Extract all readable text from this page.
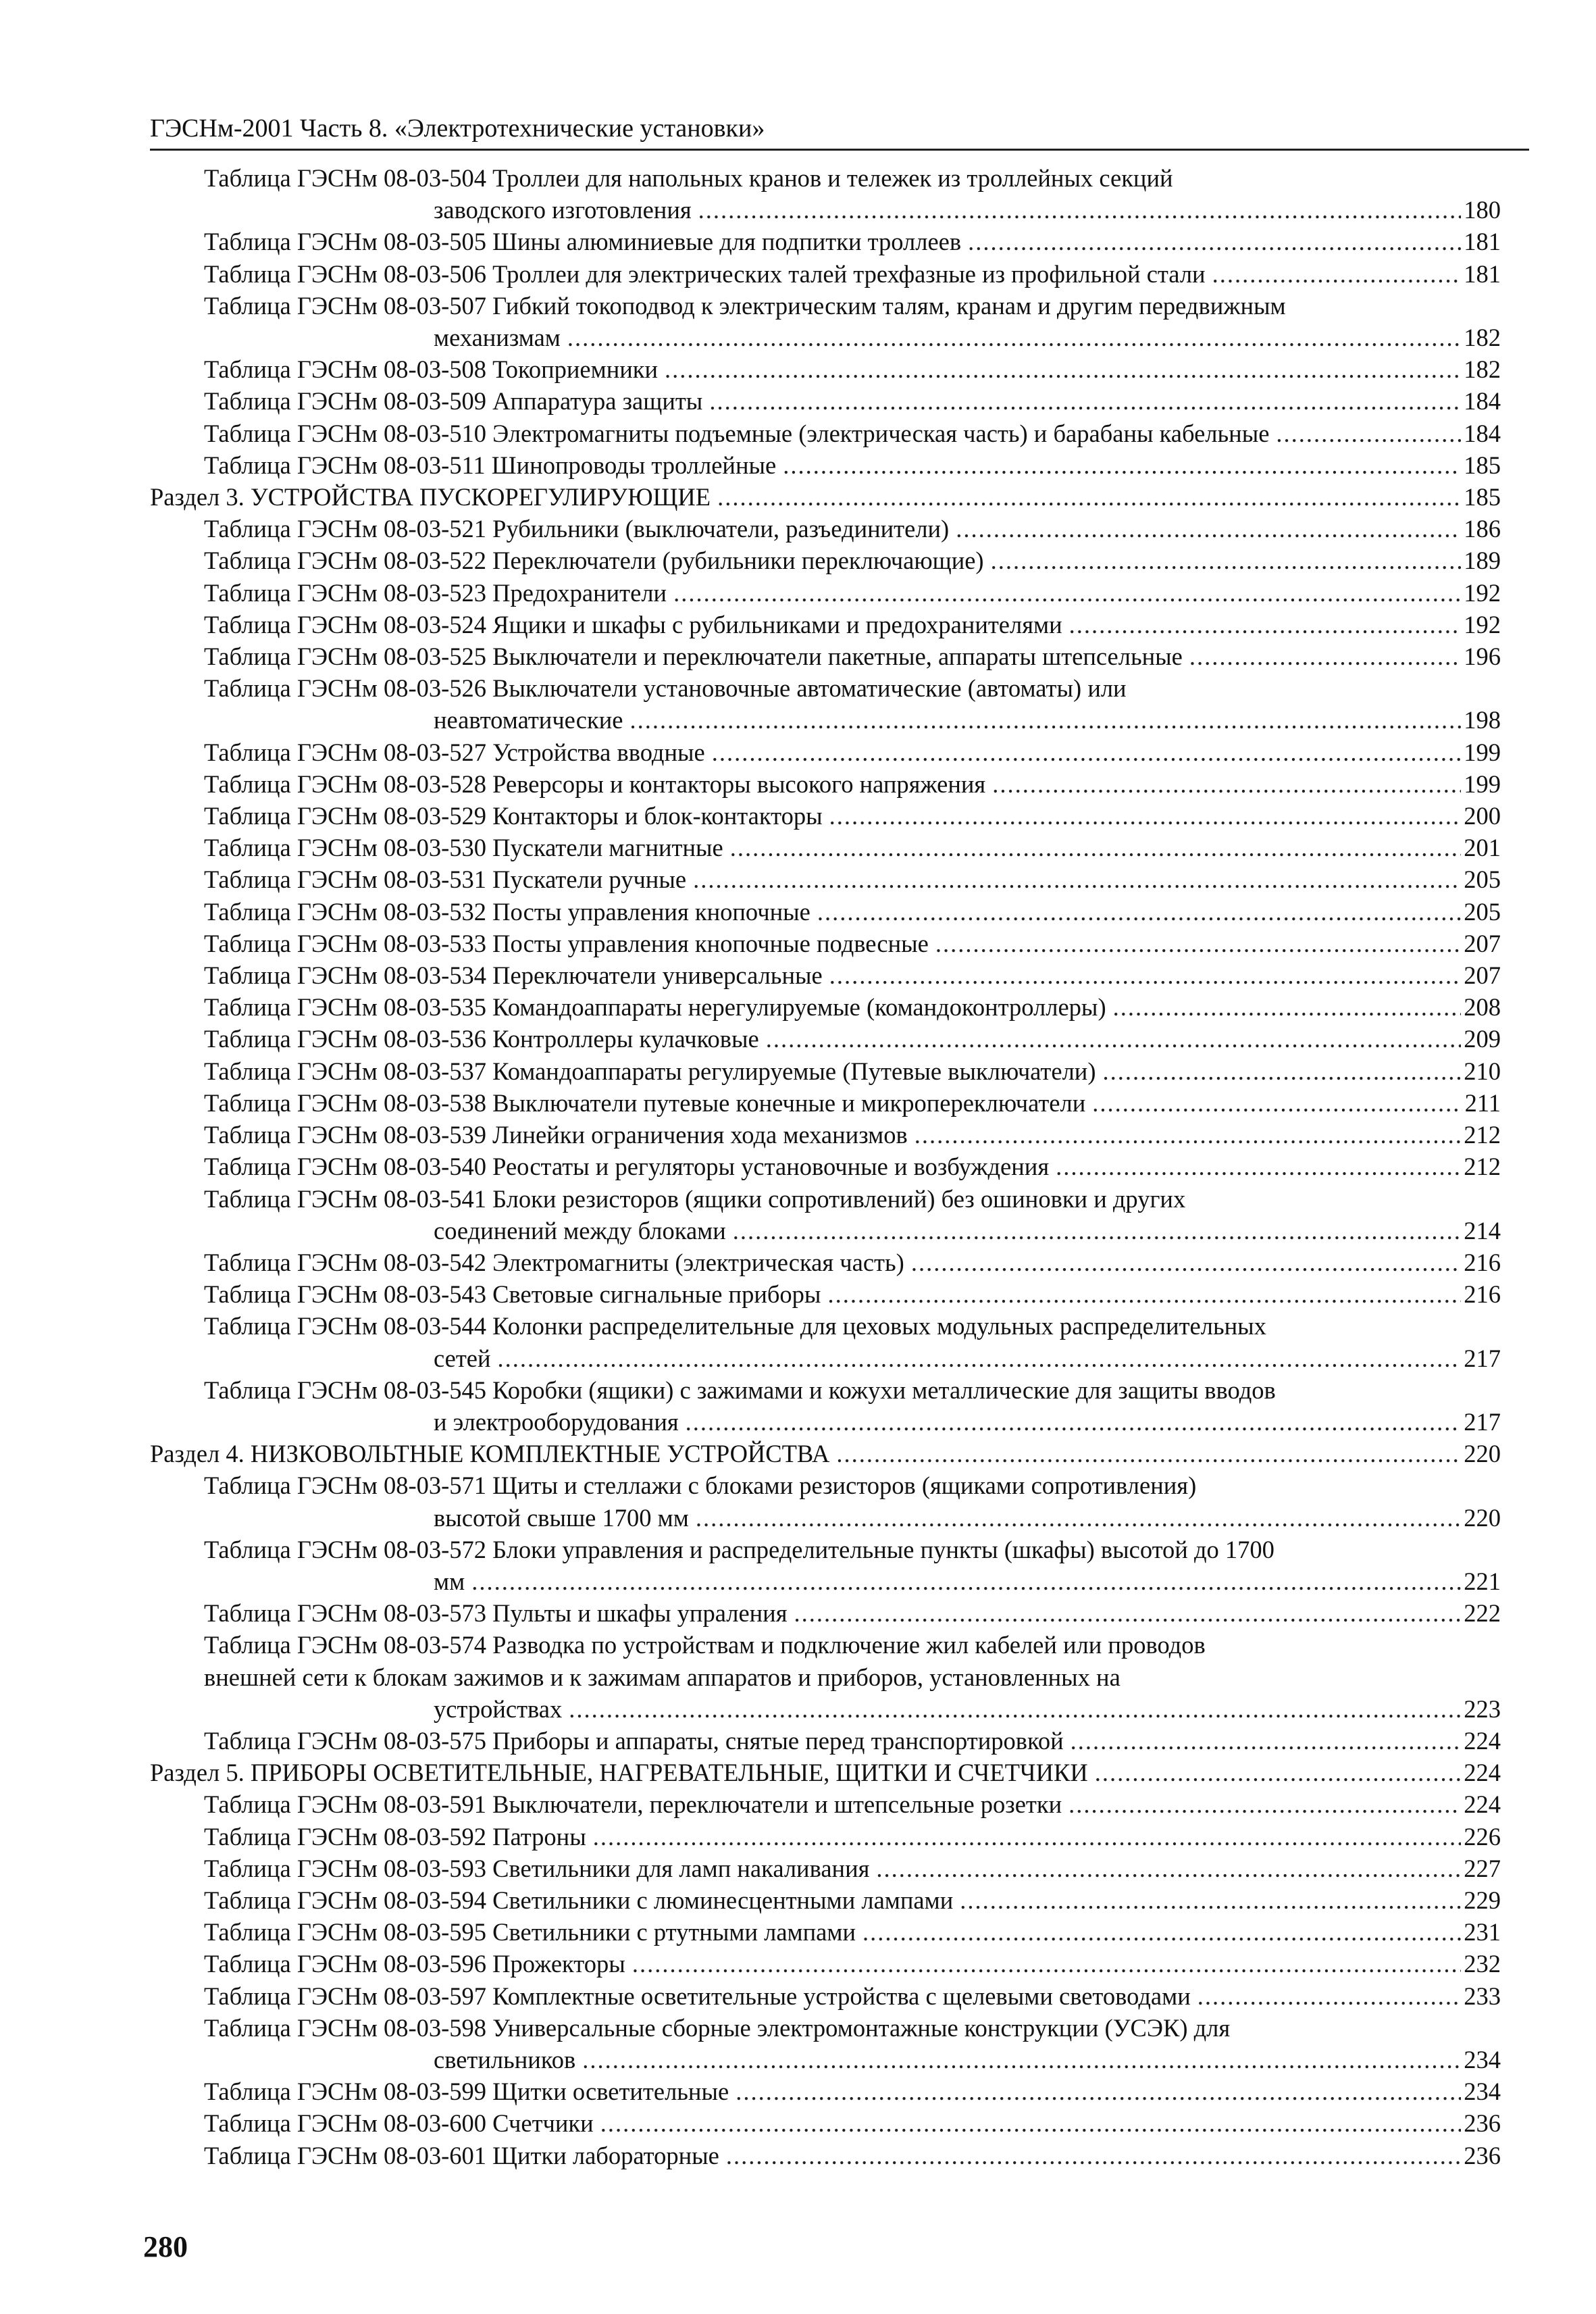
ГЭСНм-2001 Часть 8. «Электротехнические установки»
Таблица ГЭСНм 08-03-504 Троллеи для напольных кранов и тележек из троллейных секций
заводского изготовления .....	180
Таблица ГЭСНм 08-03-505 Шины алюминиевые для подпитки троллеев .....	181
Таблица ГЭСНм 08-03-506 Троллеи для электрических талей трехфазные из профильной стали .....	181
Таблица ГЭСНм 08-03-507 Гибкий токоподвод к электрическим талям, кранам и другим передвижным
механизмам .....	182
Таблица ГЭСНм 08-03-508 Токоприемники .....	182
Таблица ГЭСНм 08-03-509 Аппаратура защиты .....	184
Таблица ГЭСНм 08-03-510 Электромагниты подъемные (электрическая часть) и барабаны кабельные .....	184
Таблица ГЭСНм 08-03-511 Шинопроводы троллейные .....	185
Раздел 3. УСТРОЙСТВА ПУСКОРЕГУЛИРУЮЩИЕ .....	185
Таблица ГЭСНм 08-03-521 Рубильники (выключатели, разъединители) .....	186
Таблица ГЭСНм 08-03-522 Переключатели (рубильники переключающие) .....	189
Таблица ГЭСНм 08-03-523 Предохранители .....	192
Таблица ГЭСНм 08-03-524 Ящики и шкафы с рубильниками и предохранителями .....	192
Таблица ГЭСНм 08-03-525 Выключатели и переключатели пакетные, аппараты штепсельные .....	196
Таблица ГЭСНм 08-03-526 Выключатели установочные автоматические (автоматы) или
неавтоматические .....	198
Таблица ГЭСНм 08-03-527 Устройства вводные .....	199
Таблица ГЭСНм 08-03-528 Реверсоры и контакторы высокого напряжения .....	199
Таблица ГЭСНм 08-03-529 Контакторы и блок-контакторы .....	200
Таблица ГЭСНм 08-03-530 Пускатели магнитные .....	201
Таблица ГЭСНм 08-03-531 Пускатели ручные .....	205
Таблица ГЭСНм 08-03-532 Посты управления кнопочные .....	205
Таблица ГЭСНм 08-03-533 Посты управления кнопочные подвесные .....	207
Таблица ГЭСНм 08-03-534 Переключатели универсальные .....	207
Таблица ГЭСНм 08-03-535 Командоаппараты нерегулируемые (командоконтроллеры) .....	208
Таблица ГЭСНм 08-03-536 Контроллеры кулачковые .....	209
Таблица ГЭСНм 08-03-537 Командоаппараты регулируемые (Путевые выключатели) .....	210
Таблица ГЭСНм 08-03-538 Выключатели путевые конечные и микропереключатели .....	211
Таблица ГЭСНм 08-03-539 Линейки ограничения хода механизмов .....	212
Таблица ГЭСНм 08-03-540 Реостаты и регуляторы установочные и возбуждения .....	212
Таблица ГЭСНм 08-03-541 Блоки резисторов (ящики сопротивлений) без ошиновки и других
соединений между блоками .....	214
Таблица ГЭСНм 08-03-542 Электромагниты (электрическая часть) .....	216
Таблица ГЭСНм 08-03-543 Световые сигнальные приборы .....	216
Таблица ГЭСНм 08-03-544 Колонки распределительные для цеховых модульных распределительных
сетей .....	217
Таблица ГЭСНм 08-03-545 Коробки (ящики) с зажимами и кожухи металлические для защиты вводов
и электрооборудования .....	217
Раздел 4. НИЗКОВОЛЬТНЫЕ КОМПЛЕКТНЫЕ УСТРОЙСТВА .....	220
Таблица ГЭСНм 08-03-571 Щиты и стеллажи с блоками резисторов (ящиками сопротивления)
высотой свыше 1700 мм .....	220
Таблица ГЭСНм 08-03-572 Блоки управления и распределительные пункты (шкафы) высотой до 1700
мм .....	221
Таблица ГЭСНм 08-03-573 Пульты и шкафы упраления .....	222
Таблица ГЭСНм 08-03-574 Разводка по устройствам и подключение жил кабелей или проводов
внешней сети к блокам зажимов и к зажимам аппаратов и приборов, установленных на
устройствах .....	223
Таблица ГЭСНм 08-03-575 Приборы и аппараты, снятые перед транспортировкой .....	224
Раздел 5. ПРИБОРЫ ОСВЕТИТЕЛЬНЫЕ, НАГРЕВАТЕЛЬНЫЕ, ЩИТКИ И СЧЕТЧИКИ .....	224
Таблица ГЭСНм 08-03-591 Выключатели, переключатели и штепсельные розетки .....	224
Таблица ГЭСНм 08-03-592 Патроны .....	226
Таблица ГЭСНм 08-03-593 Светильники для ламп накаливания .....	227
Таблица ГЭСНм 08-03-594 Светильники с люминесцентными лампами .....	229
Таблица ГЭСНм 08-03-595 Светильники с ртутными лампами .....	231
Таблица ГЭСНм 08-03-596 Прожекторы .....	232
Таблица ГЭСНм 08-03-597 Комплектные осветительные устройства с щелевыми световодами .....	233
Таблица ГЭСНм 08-03-598 Универсальные сборные электромонтажные конструкции (УСЭК) для
светильников .....	234
Таблица ГЭСНм 08-03-599 Щитки осветительные .....	234
Таблица ГЭСНм 08-03-600 Счетчики .....	236
Таблица ГЭСНм 08-03-601 Щитки лабораторные .....	236
280
